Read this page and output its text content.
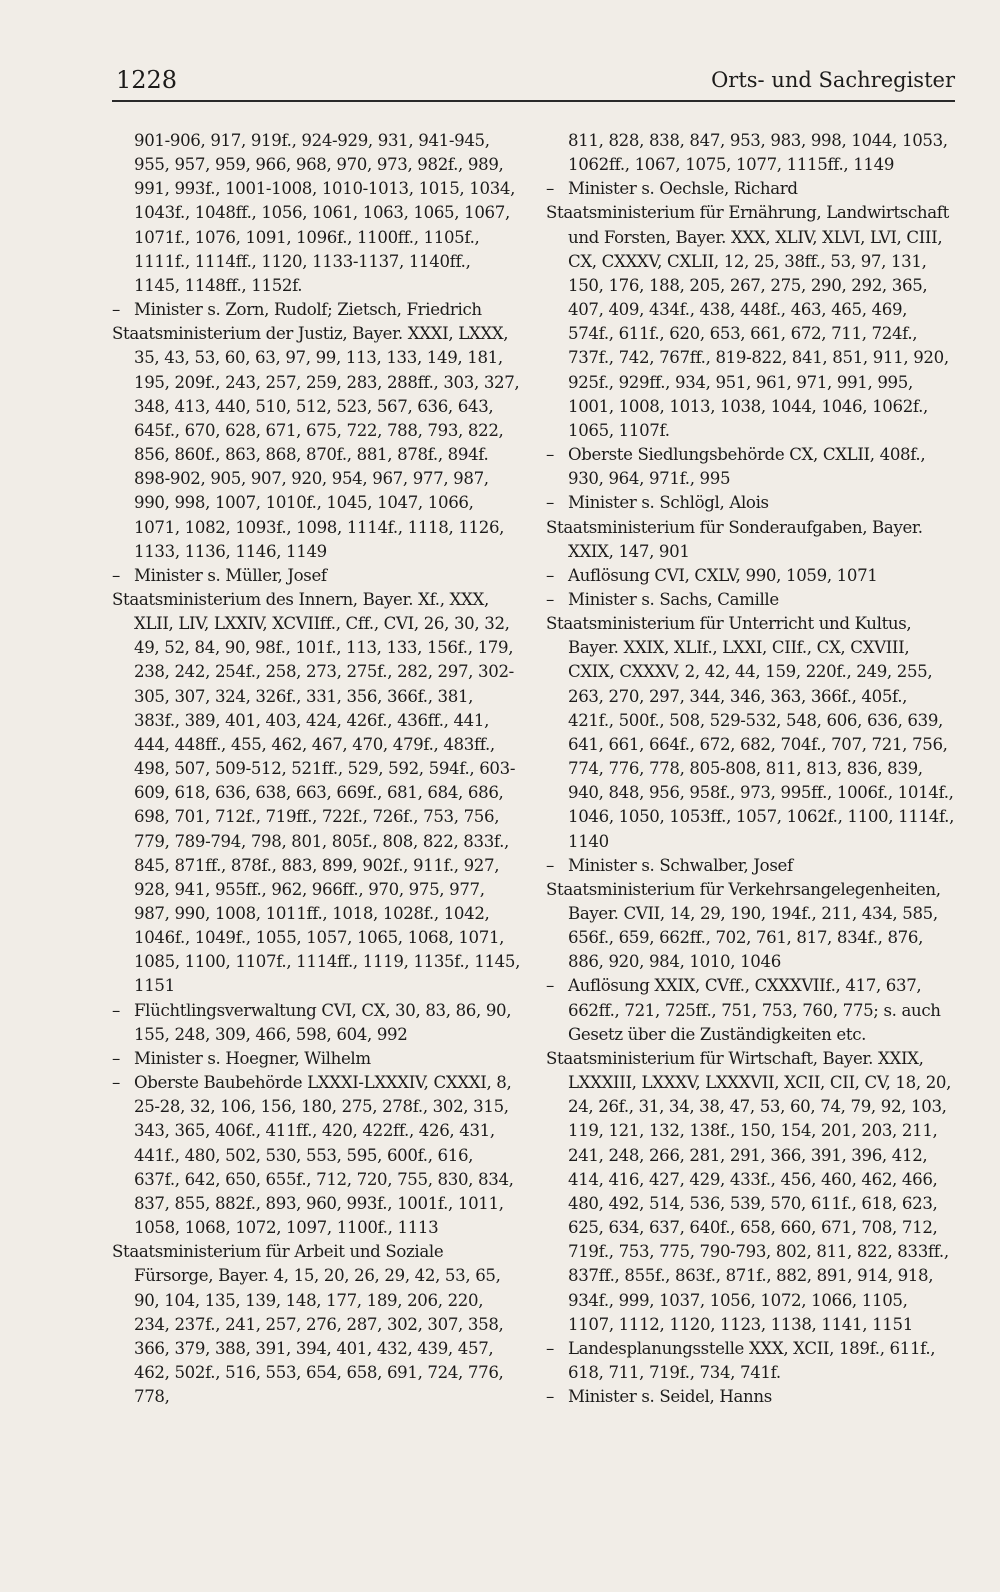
1228	Orts- und Sachregister
901-906, 917, 919f., 924-929, 931, 941-945, 955, 957, 959, 966, 968, 970, 973, 982f., 989, 991, 993f., 1001-1008, 1010-1013, 1015, 1034, 1043f., 1048ff., 1056, 1061, 1063, 1065, 1067, 1071f., 1076, 1091, 1096f., 1100ff., 1105f., 1111f., 1114ff., 1120, 1133-1137, 1140ff., 1145, 1148ff., 1152f.
– Minister s. Zorn, Rudolf; Zietsch, Friedrich
Staatsministerium der Justiz, Bayer. XXXI, LXXX, 35, 43, 53, 60, 63, 97, 99, 113, 133, 149, 181, 195, 209f., 243, 257, 259, 283, 288ff., 303, 327, 348, 413, 440, 510, 512, 523, 567, 636, 643, 645f., 670, 628, 671, 675, 722, 788, 793, 822, 856, 860f., 863, 868, 870f., 881, 878f., 894f. 898-902, 905, 907, 920, 954, 967, 977, 987, 990, 998, 1007, 1010f., 1045, 1047, 1066, 1071, 1082, 1093f., 1098, 1114f., 1118, 1126, 1133, 1136, 1146, 1149
– Minister s. Müller, Josef
Staatsministerium des Innern, Bayer. Xf., XXX, XLII, LIV, LXXIV, XCVIIff., Cff., CVI, 26, 30, 32, 49, 52, 84, 90, 98f., 101f., 113, 133, 156f., 179, 238, 242, 254f., 258, 273, 275f., 282, 297, 302-305, 307, 324, 326f., 331, 356, 366f., 381, 383f., 389, 401, 403, 424, 426f., 436ff., 441, 444, 448ff., 455, 462, 467, 470, 479f., 483ff., 498, 507, 509-512, 521ff., 529, 592, 594f., 603-609, 618, 636, 638, 663, 669f., 681, 684, 686, 698, 701, 712f., 719ff., 722f., 726f., 753, 756, 779, 789-794, 798, 801, 805f., 808, 822, 833f., 845, 871ff., 878f., 883, 899, 902f., 911f., 927, 928, 941, 955ff., 962, 966ff., 970, 975, 977, 987, 990, 1008, 1011ff., 1018, 1028f., 1042, 1046f., 1049f., 1055, 1057, 1065, 1068, 1071, 1085, 1100, 1107f., 1114ff., 1119, 1135f., 1145, 1151
– Flüchtlingsverwaltung CVI, CX, 30, 83, 86, 90, 155, 248, 309, 466, 598, 604, 992
– Minister s. Hoegner, Wilhelm
– Oberste Baubehörde LXXXI-LXXXIV, CXXXI, 8, 25-28, 32, 106, 156, 180, 275, 278f., 302, 315, 343, 365, 406f., 411ff., 420, 422ff., 426, 431, 441f., 480, 502, 530, 553, 595, 600f., 616, 637f., 642, 650, 655f., 712, 720, 755, 830, 834, 837, 855, 882f., 893, 960, 993f., 1001f., 1011, 1058, 1068, 1072, 1097, 1100f., 1113
Staatsministerium für Arbeit und Soziale Fürsorge, Bayer. 4, 15, 20, 26, 29, 42, 53, 65, 90, 104, 135, 139, 148, 177, 189, 206, 220, 234, 237f., 241, 257, 276, 287, 302, 307, 358, 366, 379, 388, 391, 394, 401, 432, 439, 457, 462, 502f., 516, 553, 654, 658, 691, 724, 776, 778,
811, 828, 838, 847, 953, 983, 998, 1044, 1053, 1062ff., 1067, 1075, 1077, 1115ff., 1149
– Minister s. Oechsle, Richard
Staatsministerium für Ernährung, Landwirtschaft und Forsten, Bayer. XXX, XLIV, XLVI, LVI, CIII, CX, CXXXV, CXLII, 12, 25, 38ff., 53, 97, 131, 150, 176, 188, 205, 267, 275, 290, 292, 365, 407, 409, 434f., 438, 448f., 463, 465, 469, 574f., 611f., 620, 653, 661, 672, 711, 724f., 737f., 742, 767ff., 819-822, 841, 851, 911, 920, 925f., 929ff., 934, 951, 961, 971, 991, 995, 1001, 1008, 1013, 1038, 1044, 1046, 1062f., 1065, 1107f.
– Oberste Siedlungsbehörde CX, CXLII, 408f., 930, 964, 971f., 995
– Minister s. Schlögl, Alois
Staatsministerium für Sonderaufgaben, Bayer. XXIX, 147, 901
– Auflösung CVI, CXLV, 990, 1059, 1071
– Minister s. Sachs, Camille
Staatsministerium für Unterricht und Kultus, Bayer. XXIX, XLIf., LXXI, CIIf., CX, CXVIII, CXIX, CXXXV, 2, 42, 44, 159, 220f., 249, 255, 263, 270, 297, 344, 346, 363, 366f., 405f., 421f., 500f., 508, 529-532, 548, 606, 636, 639, 641, 661, 664f., 672, 682, 704f., 707, 721, 756, 774, 776, 778, 805-808, 811, 813, 836, 839, 940, 848, 956, 958f., 973, 995ff., 1006f., 1014f., 1046, 1050, 1053ff., 1057, 1062f., 1100, 1114f., 1140
– Minister s. Schwalber, Josef
Staatsministerium für Verkehrsangelegenheiten, Bayer. CVII, 14, 29, 190, 194f., 211, 434, 585, 656f., 659, 662ff., 702, 761, 817, 834f., 876, 886, 920, 984, 1010, 1046
– Auflösung XXIX, CVff., CXXXVIIf., 417, 637, 662ff., 721, 725ff., 751, 753, 760, 775; s. auch Gesetz über die Zuständigkeiten etc.
Staatsministerium für Wirtschaft, Bayer. XXIX, LXXXIII, LXXXV, LXXXVII, XCII, CII, CV, 18, 20, 24, 26f., 31, 34, 38, 47, 53, 60, 74, 79, 92, 103, 119, 121, 132, 138f., 150, 154, 201, 203, 211, 241, 248, 266, 281, 291, 366, 391, 396, 412, 414, 416, 427, 429, 433f., 456, 460, 462, 466, 480, 492, 514, 536, 539, 570, 611f., 618, 623, 625, 634, 637, 640f., 658, 660, 671, 708, 712, 719f., 753, 775, 790-793, 802, 811, 822, 833ff., 837ff., 855f., 863f., 871f., 882, 891, 914, 918, 934f., 999, 1037, 1056, 1072, 1066, 1105, 1107, 1112, 1120, 1123, 1138, 1141, 1151
– Landesplanungsstelle XXX, XCII, 189f., 611f., 618, 711, 719f., 734, 741f.
– Minister s. Seidel, Hanns
